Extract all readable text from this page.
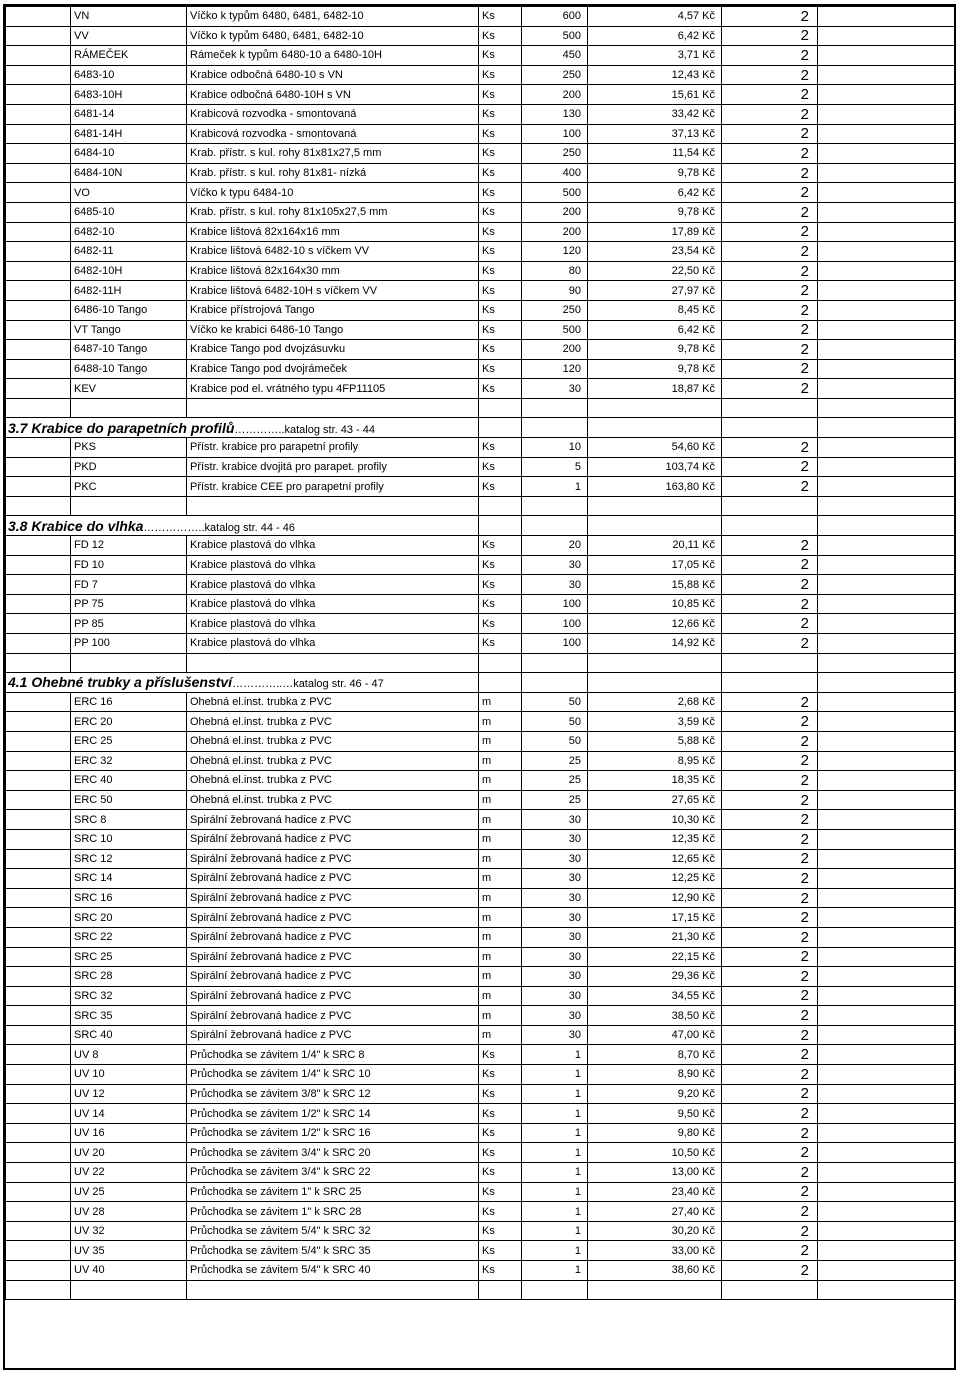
	VN	Víčko k typům 6480, 6481, 6482-10	Ks	600	4,57 Kč	2	
	VV	Víčko k typům 6480, 6481, 6482-10	Ks	500	6,42 Kč	2	
	RÁMEČEK	Rámeček k typům 6480-10 a 6480-10H	Ks	450	3,71 Kč	2	
	6483-10	Krabice odbočná 6480-10 s VN	Ks	250	12,43 Kč	2	
	6483-10H	Krabice odbočná 6480-10H s VN	Ks	200	15,61 Kč	2	
	6481-14	Krabicová rozvodka - smontovaná	Ks	130	33,42 Kč	2	
	6481-14H	Krabicová rozvodka - smontovaná	Ks	100	37,13 Kč	2	
	6484-10	Krab. přístr. s kul. rohy 81x81x27,5 mm	Ks	250	11,54 Kč	2	
	6484-10N	Krab. přístr. s kul. rohy 81x81- nízká	Ks	400	9,78 Kč	2	
	VO	Víčko k typu 6484-10	Ks	500	6,42 Kč	2	
	6485-10	Krab. přístr. s kul. rohy 81x105x27,5 mm	Ks	200	9,78 Kč	2	
	6482-10	Krabice lištová 82x164x16 mm	Ks	200	17,89 Kč	2	
	6482-11	Krabice lištová 6482-10 s víčkem VV	Ks	120	23,54 Kč	2	
	6482-10H	Krabice lištová 82x164x30 mm	Ks	80	22,50 Kč	2	
	6482-11H	Krabice lištová 6482-10H s víčkem VV	Ks	90	27,97 Kč	2	
	6486-10 Tango	Krabice přístrojová Tango	Ks	250	8,45 Kč	2	
	VT Tango	Víčko ke krabici 6486-10 Tango	Ks	500	6,42 Kč	2	
	6487-10 Tango	Krabice Tango pod dvojzásuvku	Ks	200	9,78 Kč	2	
	6488-10 Tango	Krabice Tango pod dvojrámeček	Ks	120	9,78 Kč	2	
	KEV	Krabice pod el. vrátného typu 4FP11105	Ks	30	18,87 Kč	2	

3.7 Krabice do parapetních profilů…………..katalog str. 43 - 44							
	PKS	Přístr. krabice pro parapetní profily	Ks	10	54,60 Kč	2	
	PKD	Přístr. krabice dvojitá pro parapet. profily	Ks	5	103,74 Kč	2	
	PKC	Přístr. krabice CEE pro parapetní profily	Ks	1	163,80 Kč	2	

3.8 Krabice do vlhka……………..katalog str. 44 - 46							
	FD 12	Krabice plastová do vlhka	Ks	20	20,11 Kč	2	
	FD 10	Krabice plastová do vlhka	Ks	30	17,05 Kč	2	
	FD 7	Krabice plastová do vlhka	Ks	30	15,88 Kč	2	
	PP 75	Krabice plastová do vlhka	Ks	100	10,85 Kč	2	
	PP 85	Krabice plastová do vlhka	Ks	100	12,66 Kč	2	
	PP 100	Krabice plastová do vlhka	Ks	100	14,92 Kč	2	

4.1 Ohebné trubky a příslušenství…………..…katalog str. 46 - 47							
	ERC 16	Ohebná el.inst. trubka z PVC	m	50	2,68 Kč	2	
	ERC 20	Ohebná el.inst. trubka z PVC	m	50	3,59 Kč	2	
	ERC 25	Ohebná el.inst. trubka z PVC	m	50	5,88 Kč	2	
	ERC 32	Ohebná el.inst. trubka z PVC	m	25	8,95 Kč	2	
	ERC 40	Ohebná el.inst. trubka z PVC	m	25	18,35 Kč	2	
	ERC 50	Ohebná el.inst. trubka z PVC	m	25	27,65 Kč	2	
	SRC 8	Spirální žebrovaná hadice z PVC	m	30	10,30 Kč	2	
	SRC 10	Spirální žebrovaná hadice z PVC	m	30	12,35 Kč	2	
	SRC 12	Spirální žebrovaná hadice z PVC	m	30	12,65 Kč	2	
	SRC 14	Spirální žebrovaná hadice z PVC	m	30	12,25 Kč	2	
	SRC 16	Spirální žebrovaná hadice z PVC	m	30	12,90 Kč	2	
	SRC 20	Spirální žebrovaná hadice z PVC	m	30	17,15 Kč	2	
	SRC 22	Spirální žebrovaná hadice z PVC	m	30	21,30 Kč	2	
	SRC 25	Spirální žebrovaná hadice z PVC	m	30	22,15 Kč	2	
	SRC 28	Spirální žebrovaná hadice z PVC	m	30	29,36 Kč	2	
	SRC 32	Spirální žebrovaná hadice z PVC	m	30	34,55 Kč	2	
	SRC 35	Spirální žebrovaná hadice z PVC	m	30	38,50 Kč	2	
	SRC 40	Spirální žebrovaná hadice z PVC	m	30	47,00 Kč	2	
	UV 8	Průchodka se závitem 1/4" k SRC 8	Ks	1	8,70 Kč	2	
	UV 10	Průchodka se závitem 1/4" k SRC 10	Ks	1	8,90 Kč	2	
	UV 12	Průchodka se závitem 3/8" k SRC 12	Ks	1	9,20 Kč	2	
	UV 14	Průchodka se závitem 1/2" k SRC 14	Ks	1	9,50 Kč	2	
	UV 16	Průchodka se závitem 1/2" k SRC 16	Ks	1	9,80 Kč	2	
	UV 20	Průchodka se závitem 3/4" k SRC 20	Ks	1	10,50 Kč	2	
	UV 22	Průchodka se závitem 3/4" k SRC 22	Ks	1	13,00 Kč	2	
	UV 25	Průchodka se závitem 1" k SRC 25	Ks	1	23,40 Kč	2	
	UV 28	Průchodka se závitem 1" k SRC 28	Ks	1	27,40 Kč	2	
	UV 32	Průchodka se závitem 5/4" k SRC 32	Ks	1	30,20 Kč	2	
	UV 35	Průchodka se závitem 5/4" k SRC 35	Ks	1	33,00 Kč	2	
	UV 40	Průchodka se závitem 5/4" k SRC 40	Ks	1	38,60 Kč	2	
